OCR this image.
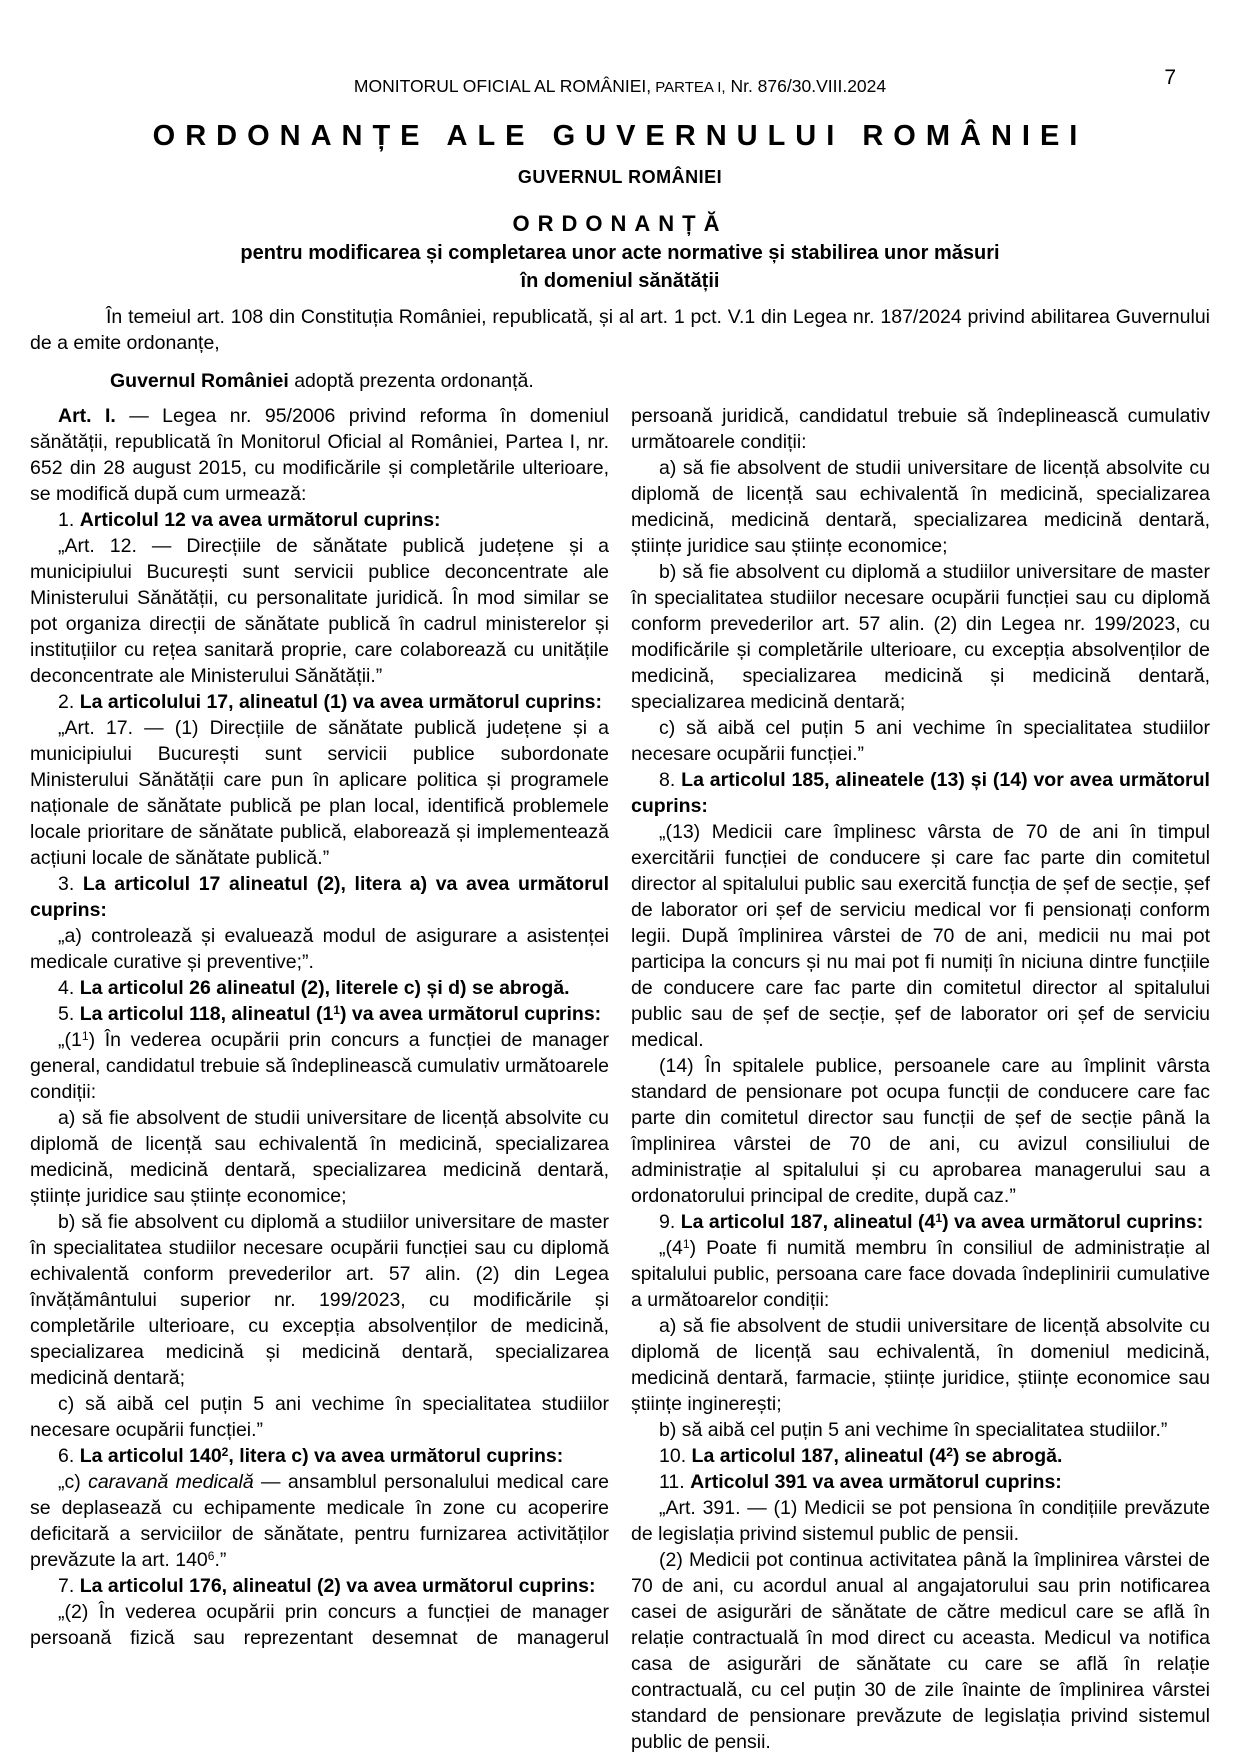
MONITORUL OFICIAL AL ROMÂNIEI, PARTEA I, Nr. 876/30.VIII.2024	7
ORDONANȚE ALE GUVERNULUI ROMÂNIEI
GUVERNUL ROMÂNIEI
ORDONANȚĂ
pentru modificarea și completarea unor acte normative și stabilirea unor măsuri
în domeniul sănătății

În temeiul art. 108 din Constituția României, republicată, și al art. 1 pct. V.1 din Legea nr. 187/2024 privind abilitarea Guvernului de a emite ordonanțe,

Guvernul României adoptă prezenta ordonanță.

Art. I. — Legea nr. 95/2006 privind reforma în domeniul sănătății, republicată în Monitorul Oficial al României, Partea I, nr. 652 din 28 august 2015, cu modificările și completările ulterioare, se modifică după cum urmează:

1. Articolul 12 va avea următorul cuprins:

„Art. 12. — Direcțiile de sănătate publică județene și a municipiului București sunt servicii publice deconcentrate ale Ministerului Sănătății, cu personalitate juridică. În mod similar se pot organiza direcții de sănătate publică în cadrul ministerelor și instituțiilor cu rețea sanitară proprie, care colaborează cu unitățile deconcentrate ale Ministerului Sănătății.”

2. La articolului 17, alineatul (1) va avea următorul cuprins:

„Art. 17. — (1) Direcțiile de sănătate publică județene și a municipiului București sunt servicii publice subordonate Ministerului Sănătății care pun în aplicare politica și programele naționale de sănătate publică pe plan local, identifică problemele locale prioritare de sănătate publică, elaborează și implementează acțiuni locale de sănătate publică.”

3. La articolul 17 alineatul (2), litera a) va avea următorul cuprins:

„a) controlează și evaluează modul de asigurare a asistenței medicale curative și preventive;”.

4. La articolul 26 alineatul (2), literele c) și d) se abrogă.

5. La articolul 118, alineatul $(1^1)$ va avea următorul cuprins:

$„(1^1)$ În vederea ocupării prin concurs a funcției de manager general, candidatul trebuie să îndeplinească cumulativ următoarele condiții:

a) să fie absolvent de studii universitare de licență absolvite cu diplomă de licență sau echivalentă în medicină, specializarea medicină, medicină dentară, specializarea medicină dentară, științe juridice sau științe economice;

b) să fie absolvent cu diplomă a studiilor universitare de master în specialitatea studiilor necesare ocupării funcției sau cu diplomă echivalentă conform prevederilor art. 57 alin. (2) din Legea învățământului superior nr. 199/2023, cu modificările și completările ulterioare, cu excepția absolvenților de medicină, specializarea medicină și medicină dentară, specializarea medicină dentară;

c) să aibă cel puțin 5 ani vechime în specialitatea studiilor necesare ocupării funcției.”

6. La articolul $140^2$, litera c) va avea următorul cuprins:

„c) caravană medicală — ansamblul personalului medical care se deplasează cu echipamente medicale în zone cu acoperire deficitară a serviciilor de sănătate, pentru furnizarea activităților prevăzute la art. $140^6$.”

7. La articolul 176, alineatul (2) va avea următorul cuprins:

„(2) În vederea ocupării prin concurs a funcției de manager persoană fizică sau reprezentant desemnat de managerul

persoană juridică, candidatul trebuie să îndeplinească cumulativ următoarele condiții:

a) să fie absolvent de studii universitare de licență absolvite cu diplomă de licență sau echivalentă în medicină, specializarea medicină, medicină dentară, specializarea medicină dentară, științe juridice sau științe economice;

b) să fie absolvent cu diplomă a studiilor universitare de master în specialitatea studiilor necesare ocupării funcției sau cu diplomă conform prevederilor art. 57 alin. (2) din Legea nr. 199/2023, cu modificările și completările ulterioare, cu excepția absolvenților de medicină, specializarea medicină și medicină dentară, specializarea medicină dentară;

c) să aibă cel puțin 5 ani vechime în specialitatea studiilor necesare ocupării funcției.”

8. La articolul 185, alineatele (13) și (14) vor avea următorul cuprins:

„(13) Medicii care împlinesc vârsta de 70 de ani în timpul exercitării funcției de conducere și care fac parte din comitetul director al spitalului public sau exercită funcția de șef de secție, șef de laborator ori șef de serviciu medical vor fi pensionați conform legii. După împlinirea vârstei de 70 de ani, medicii nu mai pot participa la concurs și nu mai pot fi numiți în niciuna dintre funcțiile de conducere care fac parte din comitetul director al spitalului public sau de șef de secție, șef de laborator ori șef de serviciu medical.

(14) În spitalele publice, persoanele care au împlinit vârsta standard de pensionare pot ocupa funcții de conducere care fac parte din comitetul director sau funcții de șef de secție până la împlinirea vârstei de 70 de ani, cu avizul consiliului de administrație al spitalului și cu aprobarea managerului sau a ordonatorului principal de credite, după caz.”

9. La articolul 187, alineatul $(4^1)$ va avea următorul cuprins:

$„(4^1)$ Poate fi numită membru în consiliul de administrație al spitalului public, persoana care face dovada îndeplinirii cumulative a următoarelor condiții:

a) să fie absolvent de studii universitare de licență absolvite cu diplomă de licență sau echivalentă, în domeniul medicină, medicină dentară, farmacie, științe juridice, științe economice sau științe inginerești;

b) să aibă cel puțin 5 ani vechime în specialitatea studiilor.”

10. La articolul 187, alineatul $(4^2)$ se abrogă.

11. Articolul 391 va avea următorul cuprins:

„Art. 391. — (1) Medicii se pot pensiona în condițiile prevăzute de legislația privind sistemul public de pensii.

(2) Medicii pot continua activitatea până la împlinirea vârstei de 70 de ani, cu acordul anual al angajatorului sau prin notificarea casei de asigurări de sănătate de către medicul care se află în relație contractuală în mod direct cu aceasta. Medicul va notifica casa de asigurări de sănătate cu care se află în relație contractuală, cu cel puțin 30 de zile înainte de împlinirea vârstei standard de pensionare prevăzute de legislația privind sistemul public de pensii.
